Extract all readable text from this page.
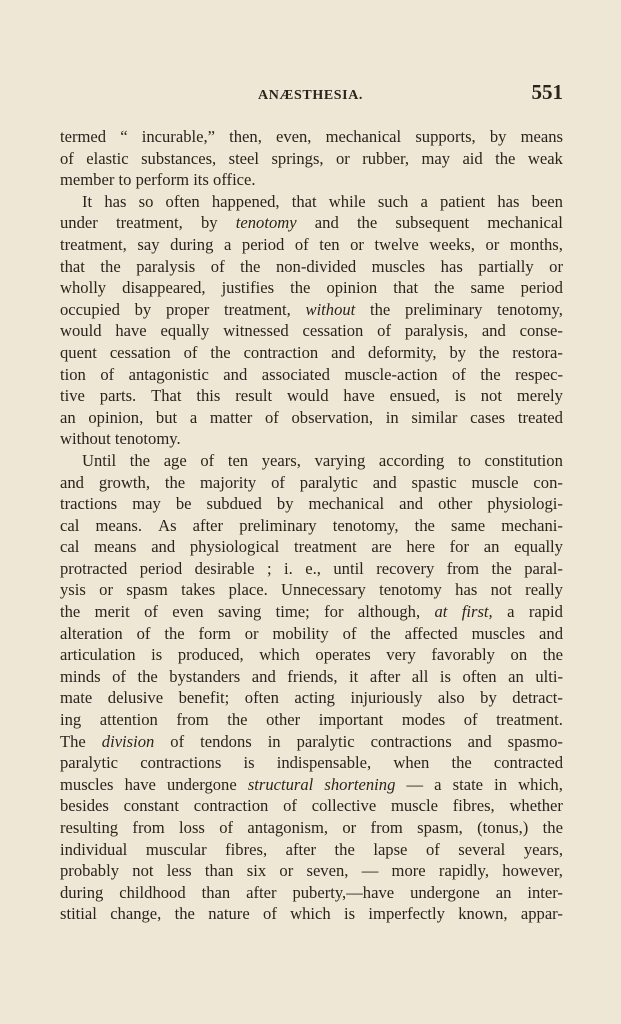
ANÆSTHESIA.	551
termed “ incurable,” then, even, mechanical supports, by means
of elastic substances, steel springs, or rubber, may aid the weak
member to perform its office.
It has so often happened, that while such a patient has been
under treatment, by tenotomy and the subsequent mechanical
treatment, say during a period of ten or twelve weeks, or months,
that the paralysis of the non-divided muscles has partially or
wholly disappeared, justifies the opinion that the same period
occupied by proper treatment, without the preliminary tenotomy,
would have equally witnessed cessation of paralysis, and conse-
quent cessation of the contraction and deformity, by the restora-
tion of antagonistic and associated muscle-action of the respec-
tive parts. That this result would have ensued, is not merely
an opinion, but a matter of observation, in similar cases treated
without tenotomy.
Until the age of ten years, varying according to constitution
and growth, the majority of paralytic and spastic muscle con-
tractions may be subdued by mechanical and other physiologi-
cal means. As after preliminary tenotomy, the same mechani-
cal means and physiological treatment are here for an equally
protracted period desirable ; i. e., until recovery from the paral-
ysis or spasm takes place. Unnecessary tenotomy has not really
the merit of even saving time; for although, at first, a rapid
alteration of the form or mobility of the affected muscles and
articulation is produced, which operates very favorably on the
minds of the bystanders and friends, it after all is often an ulti-
mate delusive benefit; often acting injuriously also by detract-
ing attention from the other important modes of treatment.
The division of tendons in paralytic contractions and spasmo-
paralytic contractions is indispensable, when the contracted
muscles have undergone structural shortening — a state in which,
besides constant contraction of collective muscle fibres, whether
resulting from loss of antagonism, or from spasm, (tonus,) the
individual muscular fibres, after the lapse of several years,
probably not less than six or seven, — more rapidly, however,
during childhood than after puberty,—have undergone an inter-
stitial change, the nature of which is imperfectly known, appar-
